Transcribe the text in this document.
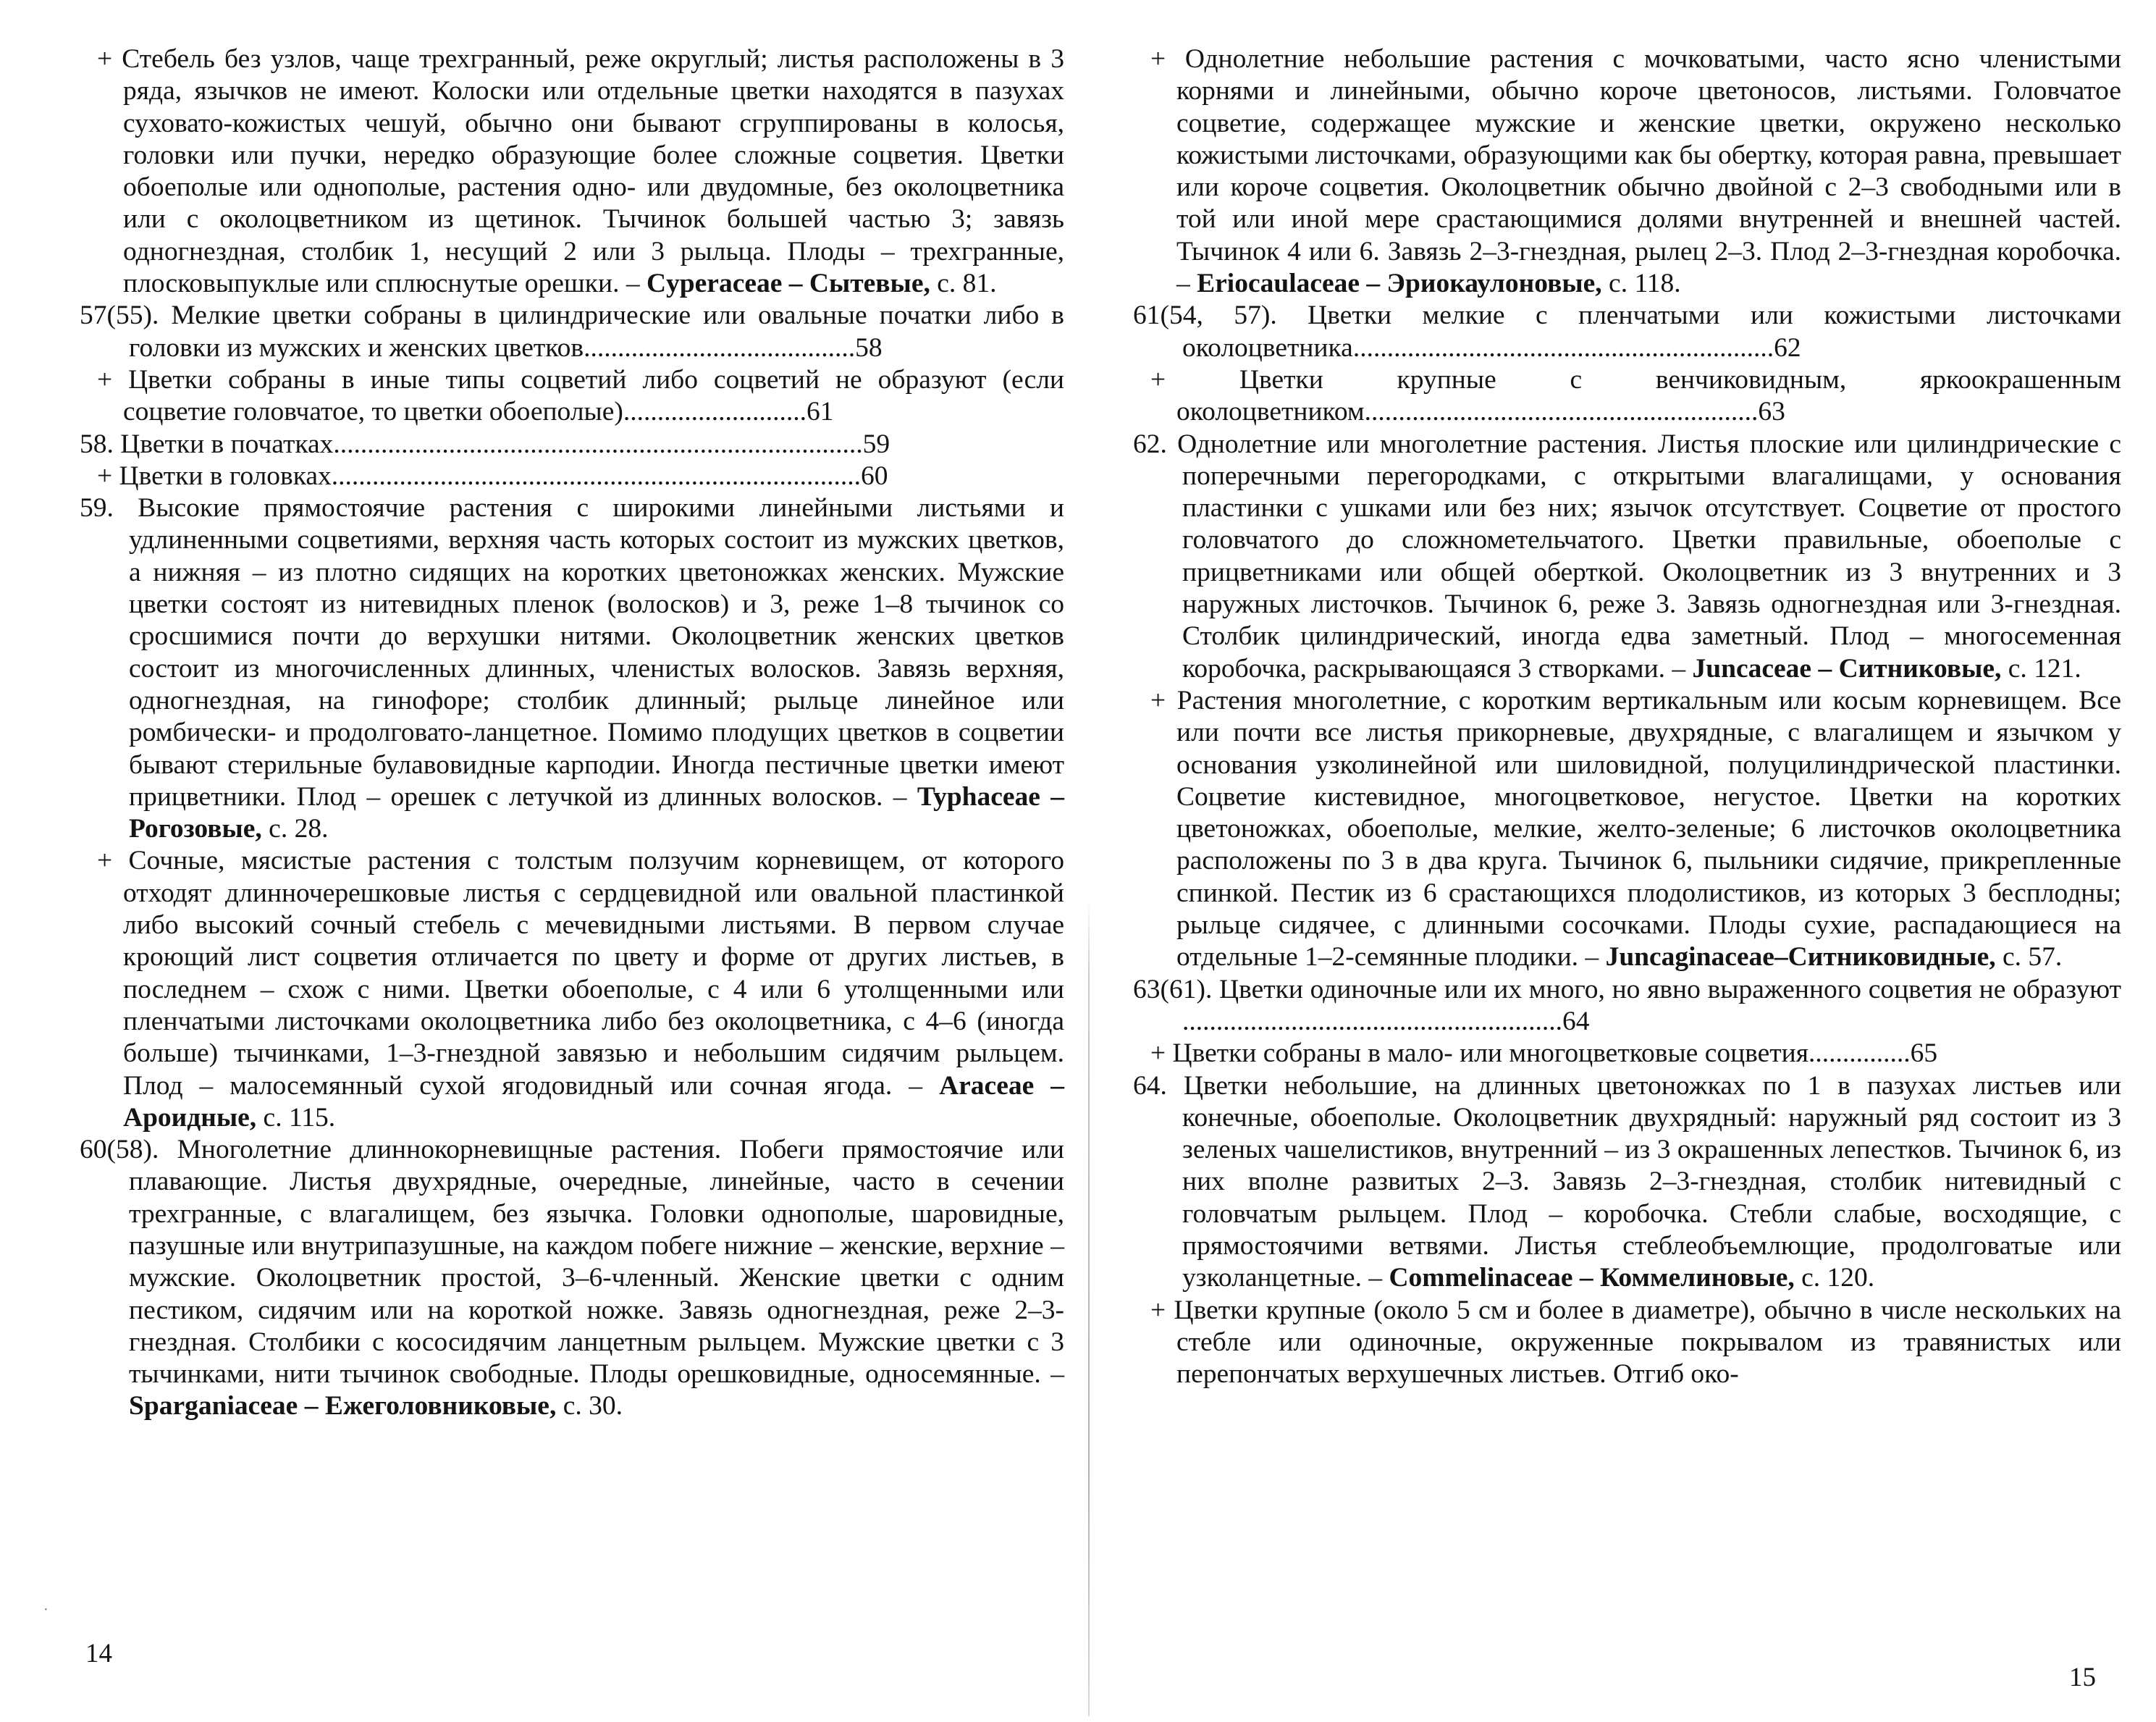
·

+ Стебель без узлов, чаще трехгранный, реже округлый; листья расположены в 3 ряда, язычков не имеют. Колоски или отдельные цветки находятся в пазухах суховато-кожистых чешуй, обычно они бывают сгруппированы в колосья, головки или пучки, нередко образующие более сложные соцветия. Цветки обоеполые или однополые, растения одно- или двудомные, без околоцветника или с околоцветником из щетинок. Тычинок большей частью 3; завязь одногнездная, столбик 1, несущий 2 или 3 рыльца. Плоды – трехгранные, плосковыпуклые или сплюснутые орешки. – Cyperaceae – Сытевые, с. 81.

57(55). Мелкие цветки собраны в цилиндрические или овальные початки либо в головки из мужских и женских цветков........................................58

+ Цветки собраны в иные типы соцветий либо соцветий не образуют (если соцветие головчатое, то цветки обоеполые)...........................61

58. Цветки в початках..............................................................................59

+ Цветки в головках..............................................................................60

59. Высокие прямостоячие растения с широкими линейными листьями и удлиненными соцветиями, верхняя часть которых состоит из мужских цветков, а нижняя – из плотно сидящих на коротких цветоножках женских. Мужские цветки состоят из нитевидных пленок (волосков) и 3, реже 1–8 тычинок со сросшимися почти до верхушки нитями. Околоцветник женских цветков состоит из многочисленных длинных, членистых волосков. Завязь верхняя, одногнездная, на гинофоре; столбик длинный; рыльце линейное или ромбически- и продолговато-ланцетное. Помимо плодущих цветков в соцветии бывают стерильные булавовидные карподии. Иногда пестичные цветки имеют прицветники. Плод – орешек с летучкой из длинных волосков. – Typhaceae – Рогозовые, с. 28.

+ Сочные, мясистые растения с толстым ползучим корневищем, от которого отходят длинночерешковые листья с сердцевидной или овальной пластинкой либо высокий сочный стебель с мечевидными листьями. В первом случае кроющий лист соцветия отличается по цвету и форме от других листьев, в последнем – схож с ними. Цветки обоеполые, с 4 или 6 утолщенными или пленчатыми листочками околоцветника либо без околоцветника, с 4–6 (иногда больше) тычинками, 1–3-гнездной завязью и небольшим сидячим рыльцем. Плод – малосемянный сухой ягодовидный или сочная ягода. – Araceae – Ароидные, с. 115.

60(58). Многолетние длиннокорневищные растения. Побеги прямостоячие или плавающие. Листья двухрядные, очередные, линейные, часто в сечении трехгранные, с влагалищем, без язычка. Головки однополые, шаровидные, пазушные или внутрипазушные, на каждом побеге нижние – женские, верхние – мужские. Околоцветник простой, 3–6-членный. Женские цветки с одним пестиком, сидячим или на короткой ножке. Завязь одногнездная, реже 2–3-гнездная. Столбики с кососидячим ланцетным рыльцем. Мужские цветки с 3 тычинками, нити тычинок свободные. Плоды орешковидные, односемянные. – Sparganiaceae – Ежеголовниковые, с. 30.

14

+ Однолетние небольшие растения с мочковатыми, часто ясно членистыми корнями и линейными, обычно короче цветоносов, листьями. Головчатое соцветие, содержащее мужские и женские цветки, окружено несколько кожистыми листочками, образующими как бы обертку, которая равна, превышает или короче соцветия. Околоцветник обычно двойной с 2–3 свободными или в той или иной мере срастающимися долями внутренней и внешней частей. Тычинок 4 или 6. Завязь 2–3-гнездная, рылец 2–3. Плод 2–3-гнездная коробочка. – Eriocaulaceae – Эриокаулоновые, с. 118.

61(54, 57). Цветки мелкие с пленчатыми или кожистыми листочками околоцветника..............................................................62

+ Цветки крупные с венчиковидным, яркоокрашенным околоцветником..........................................................63

62. Однолетние или многолетние растения. Листья плоские или цилиндрические с поперечными перегородками, с открытыми влагалищами, у основания пластинки с ушками или без них; язычок отсутствует. Соцветие от простого головчатого до сложнометельчатого. Цветки правильные, обоеполые с прицветниками или общей оберткой. Околоцветник из 3 внутренних и 3 наружных листочков. Тычинок 6, реже 3. Завязь одногнездная или 3-гнездная. Столбик цилиндрический, иногда едва заметный. Плод – многосеменная коробочка, раскрывающаяся 3 створками. – Juncaceae – Ситниковые, с. 121.

+ Растения многолетние, с коротким вертикальным или косым корневищем. Все или почти все листья прикорневые, двухрядные, с влагалищем и язычком у основания узколинейной или шиловидной, полуцилиндрической пластинки. Соцветие кистевидное, многоцветковое, негустое. Цветки на коротких цветоножках, обоеполые, мелкие, желто-зеленые; 6 листочков околоцветника расположены по 3 в два круга. Тычинок 6, пыльники сидячие, прикрепленные спинкой. Пестик из 6 срастающихся плодолистиков, из которых 3 бесплодны; рыльце сидячее, с длинными сосочками. Плоды сухие, распадающиеся на отдельные 1–2-семянные плодики. – Juncaginaceae–Ситниковидные, с. 57.

63(61). Цветки одиночные или их много, но явно выраженного соцветия не образуют ........................................................64

+ Цветки собраны в мало- или многоцветковые соцветия...............65

64. Цветки небольшие, на длинных цветоножках по 1 в пазухах листьев или конечные, обоеполые. Околоцветник двухрядный: наружный ряд состоит из 3 зеленых чашелистиков, внутренний – из 3 окрашенных лепестков. Тычинок 6, из них вполне развитых 2–3. Завязь 2–3-гнездная, столбик нитевидный с головчатым рыльцем. Плод – коробочка. Стебли слабые, восходящие, с прямостоячими ветвями. Листья стеблеобъемлющие, продолговатые или узколанцетные. – Commelinaceae – Коммелиновые, с. 120.

+ Цветки крупные (около 5 см и более в диаметре), обычно в числе нескольких на стебле или одиночные, окруженные покрывалом из травянистых или перепончатых верхушечных листьев. Отгиб око-

15
